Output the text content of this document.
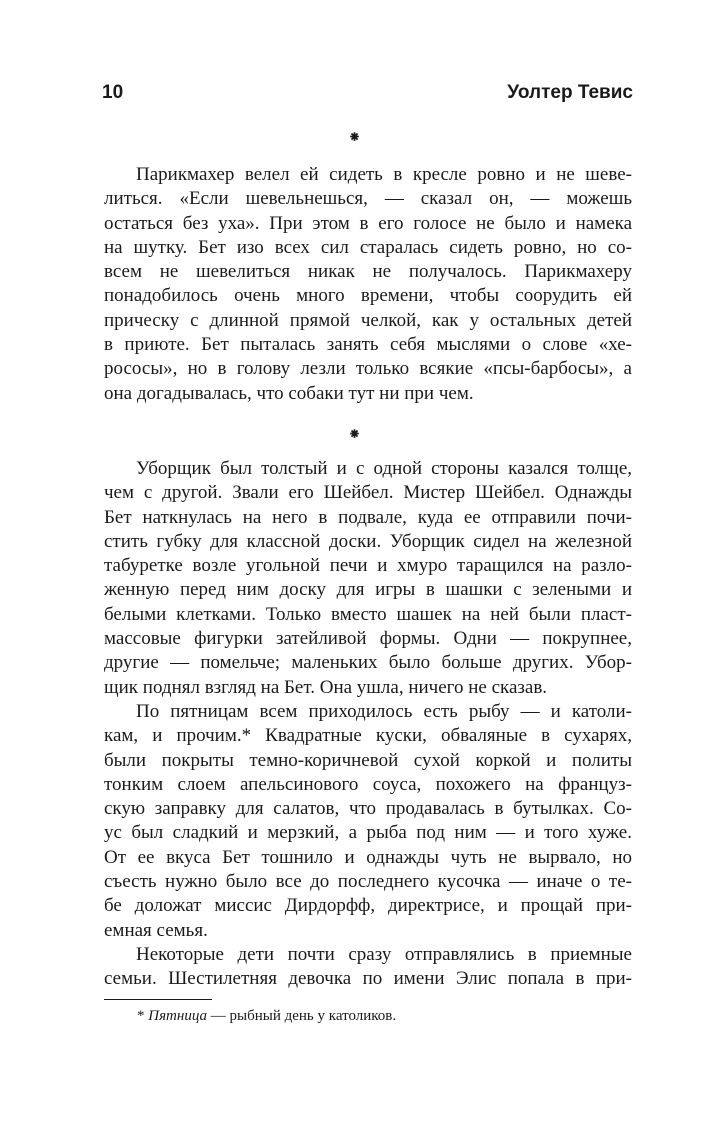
10	Уолтер Тевис
⁕

Парикмахер велел ей сидеть в кресле ровно и не шеве-
литься. «Если шевельнешься, — сказал он, — можешь
остаться без уха». При этом в его голосе не было и намека
на шутку. Бет изо всех сил старалась сидеть ровно, но со-
всем не шевелиться никак не получалось. Парикмахеру
понадобилось очень много времени, чтобы соорудить ей
прическу с длинной прямой челкой, как у остальных детей
в приюте. Бет пыталась занять себя мыслями о слове «хе-
рососы», но в голову лезли только всякие «псы-барбосы», а
она догадывалась, что собаки тут ни при чем.

⁕

Уборщик был толстый и с одной стороны казался толще,
чем с другой. Звали его Шейбел. Мистер Шейбел. Однажды
Бет наткнулась на него в подвале, куда ее отправили почи-
стить губку для классной доски. Уборщик сидел на железной
табуретке возле угольной печи и хмуро таращился на разло-
женную перед ним доску для игры в шашки с зелеными и
белыми клетками. Только вместо шашек на ней были пласт-
массовые фигурки затейливой формы. Одни — покрупнее,
другие — помельче; маленьких было больше других. Убор-
щик поднял взгляд на Бет. Она ушла, ничего не сказав.

По пятницам всем приходилось есть рыбу — и католи-
кам, и прочим.* Квадратные куски, обваляные в сухарях,
были покрыты темно-коричневой сухой коркой и политы
тонким слоем апельсинового соуса, похожего на француз-
скую заправку для салатов, что продавалась в бутылках. Со-
ус был сладкий и мерзкий, а рыба под ним — и того хуже.
От ее вкуса Бет тошнило и однажды чуть не вырвало, но
съесть нужно было все до последнего кусочка — иначе о те-
бе доложат миссис Дирдорфф, директрисе, и прощай при-
емная семья.

Некоторые дети почти сразу отправлялись в приемные
семьи. Шестилетняя девочка по имени Элис попала в при-

* Пятница — рыбный день у католиков.
